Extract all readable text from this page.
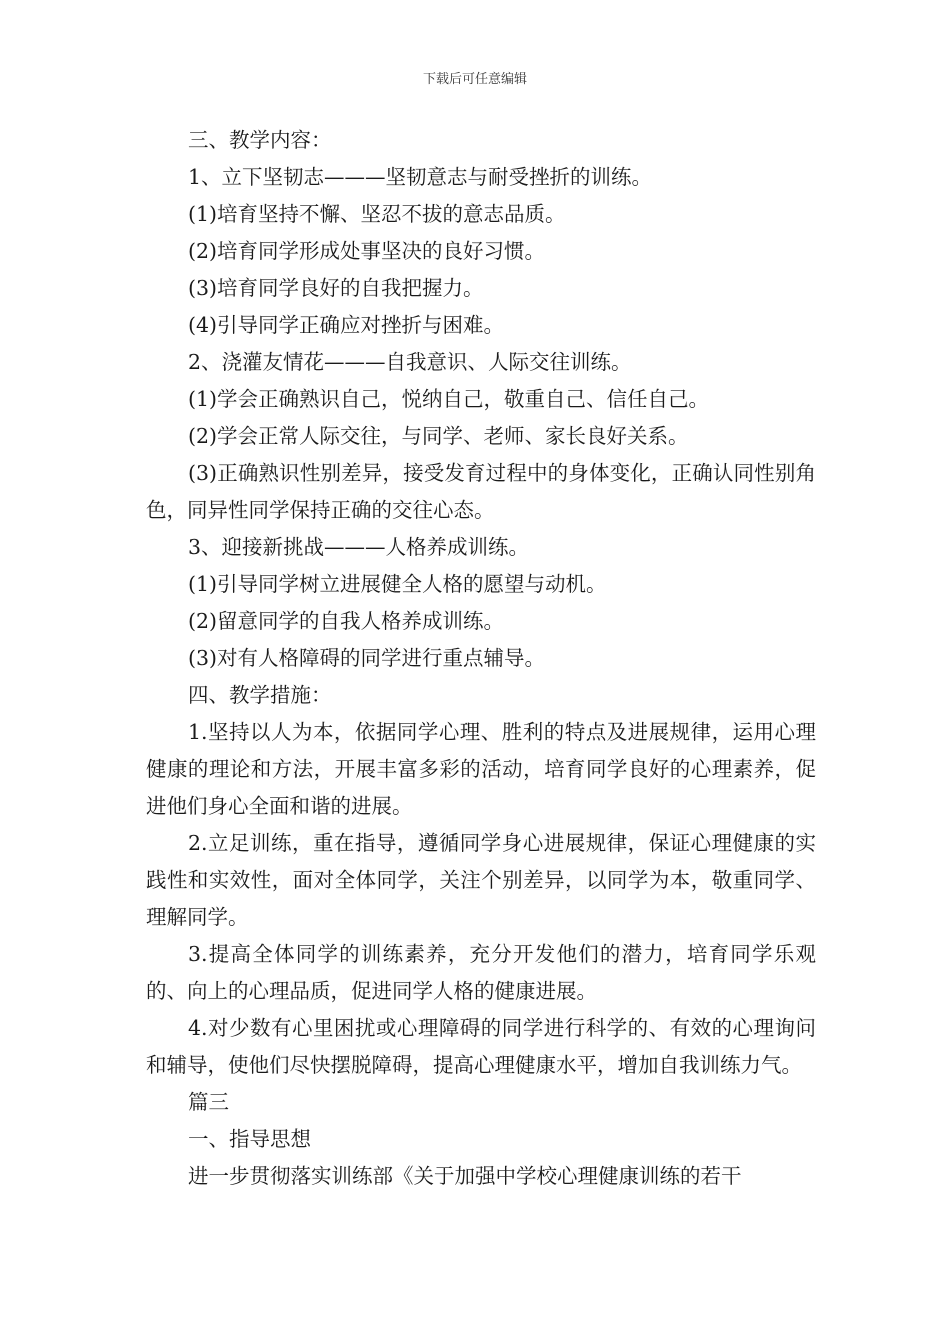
下载后可任意编辑

三、教学内容：

1、立下坚韧志———坚韧意志与耐受挫折的训练。

(1)培育坚持不懈、坚忍不拔的意志品质。

(2)培育同学形成处事坚决的良好习惯。

(3)培育同学良好的自我把握力。

(4)引导同学正确应对挫折与困难。

2、浇灌友情花———自我意识、人际交往训练。

(1)学会正确熟识自己，悦纳自己，敬重自己、信任自己。

(2)学会正常人际交往，与同学、老师、家长良好关系。

(3)正确熟识性别差异，接受发育过程中的身体变化，正确认同性别角色，同异性同学保持正确的交往心态。

3、迎接新挑战———人格养成训练。

(1)引导同学树立进展健全人格的愿望与动机。

(2)留意同学的自我人格养成训练。

(3)对有人格障碍的同学进行重点辅导。

四、教学措施：

1.坚持以人为本，依据同学心理、胜利的特点及进展规律，运用心理健康的理论和方法，开展丰富多彩的活动，培育同学良好的心理素养，促进他们身心全面和谐的进展。

2.立足训练，重在指导，遵循同学身心进展规律，保证心理健康的实践性和实效性，面对全体同学，关注个别差异，以同学为本，敬重同学、理解同学。

3.提高全体同学的训练素养，充分开发他们的潜力，培育同学乐观的、向上的心理品质，促进同学人格的健康进展。

4.对少数有心里困扰或心理障碍的同学进行科学的、有效的心理询问和辅导，使他们尽快摆脱障碍，提高心理健康水平，增加自我训练力气。

篇三

一、指导思想

进一步贯彻落实训练部《关于加强中学校心理健康训练的若干
